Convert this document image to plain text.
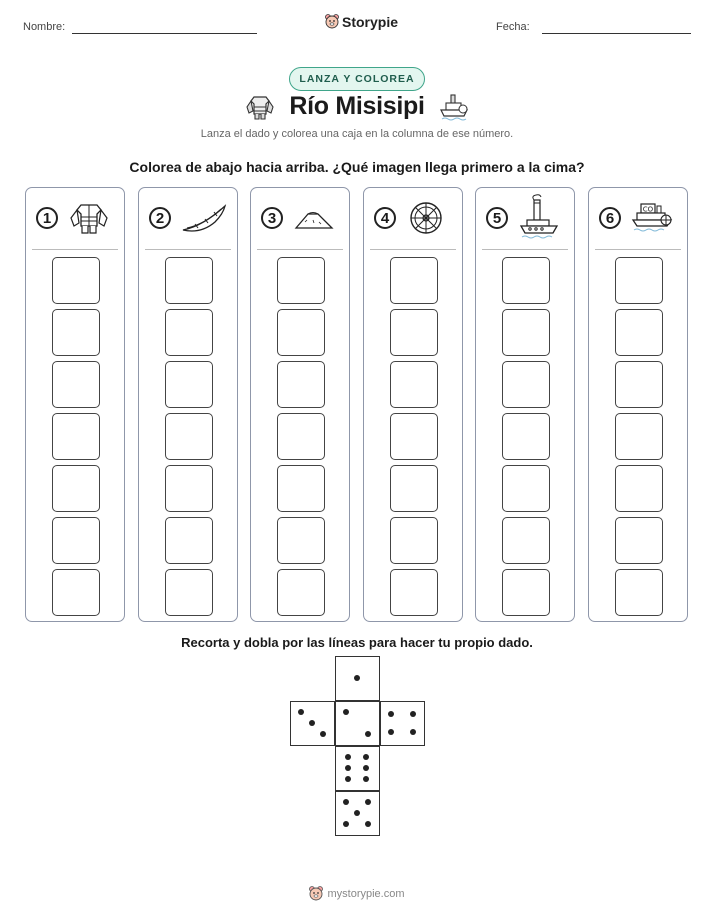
Nombre:	Storypie	Fecha:
LANZA Y COLOREA
Río Misisipi
Lanza el dado y colorea una caja en la columna de ese número.
Colorea de abajo hacia arriba. ¿Qué imagen llega primero a la cima?
1	2	3	4	5	6	CO
Recorta y dobla por las líneas para hacer tu propio dado.
mystorypie.com
